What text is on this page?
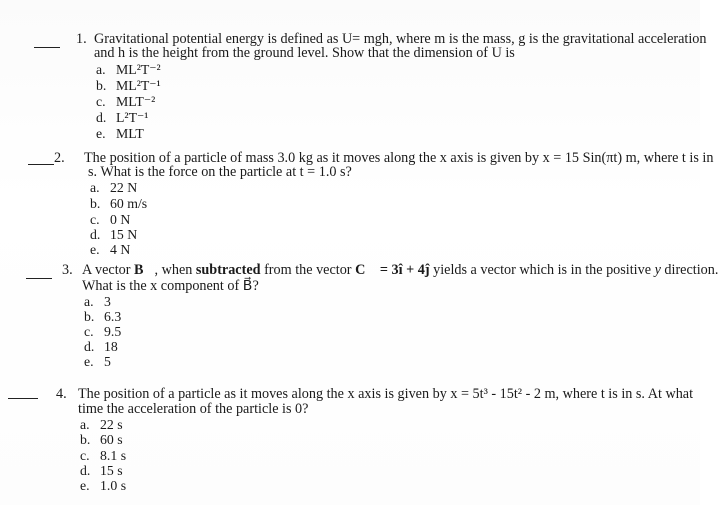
1. Gravitational potential energy is defined as U= mgh, where m is the mass, g is the gravitational acceleration
and h is the height from the ground level. Show that the dimension of U is
a. ML²T⁻²
b. ML²T⁻¹
c. MLT⁻²
d. L²T⁻¹
e. MLT
2. The position of a particle of mass 3.0 kg as it moves along the x axis is given by x = 15 Sin(πt) m, where t is in
s. What is the force on the particle at t = 1.0 s?
a. 22 N
b. 60 m/s
c. 0 N
d. 15 N
e. 4 N
3. A vector B⃗, when subtracted from the vector C⃗ = 3î + 4ĵ yields a vector which is in the positive y direction.
What is the x component of B⃗?
a. 3
b. 6.3
c. 9.5
d. 18
e. 5
4. The position of a particle as it moves along the x axis is given by x = 5t³ - 15t² - 2 m, where t is in s. At what
time the acceleration of the particle is 0?
a. 22 s
b. 60 s
c. 8.1 s
d. 15 s
e. 1.0 s
